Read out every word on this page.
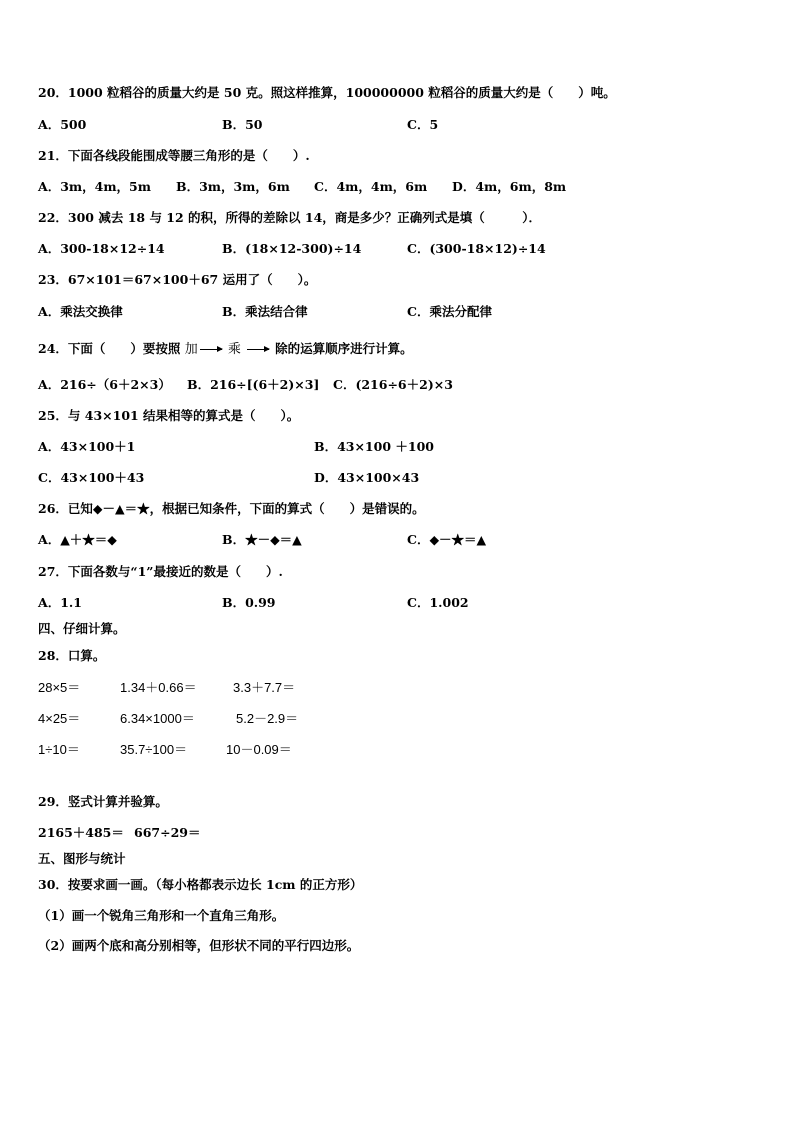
20．1000 粒稻谷的质量大约是 50 克。照这样推算，100000000 粒稻谷的质量大约是（　　）吨。
A．500	B．50	C．5
21．下面各线段能围成等腰三角形的是（　　）.
A．3m，4m，5m B．3m，3m，6m C．4m，4m，6m D．4m，6m，8m
22．300 减去 18 与 12 的积，所得的差除以 14，商是多少？正确列式是填（　　　）．
A．300-18×12÷14	B．(18×12-300)÷14	C．(300-18×12)÷14
23．67×101＝67×100＋67 运用了（　　）。
A．乘法交换律	B．乘法结合律	C．乘法分配律
24．下面（　　）要按照 加 乘	除的运算顺序进行计算。
A．216÷（6＋2×3） B．216÷[(6＋2)×3] C．(216÷6＋2)×3
25．与 43×101 结果相等的算式是（　　）。
A．43×100＋1	B．43×100 ＋100
C．43×100＋43	D．43×100×43
26．已知◆－▲＝★，根据已知条件，下面的算式（　　）是错误的。
A．▲＋★＝◆	B．★－◆＝▲	C．◆－★＝▲
27．下面各数与“1”最接近的数是（　　）.
A．1.1	B．0.99	C．1.002
四、仔细计算。
28．口算。
28×5＝	1.34＋0.66＝	3.3＋7.7＝
4×25＝	6.34×1000＝	5.2－2.9＝
1÷10＝	35.7÷100＝	10－0.09＝
29．竖式计算并验算。
2165＋485＝ 667÷29＝
五、图形与统计
30．按要求画一画。（每小格都表示边长 1cm 的正方形）
（1）画一个锐角三角形和一个直角三角形。
（2）画两个底和高分别相等，但形状不同的平行四边形。
